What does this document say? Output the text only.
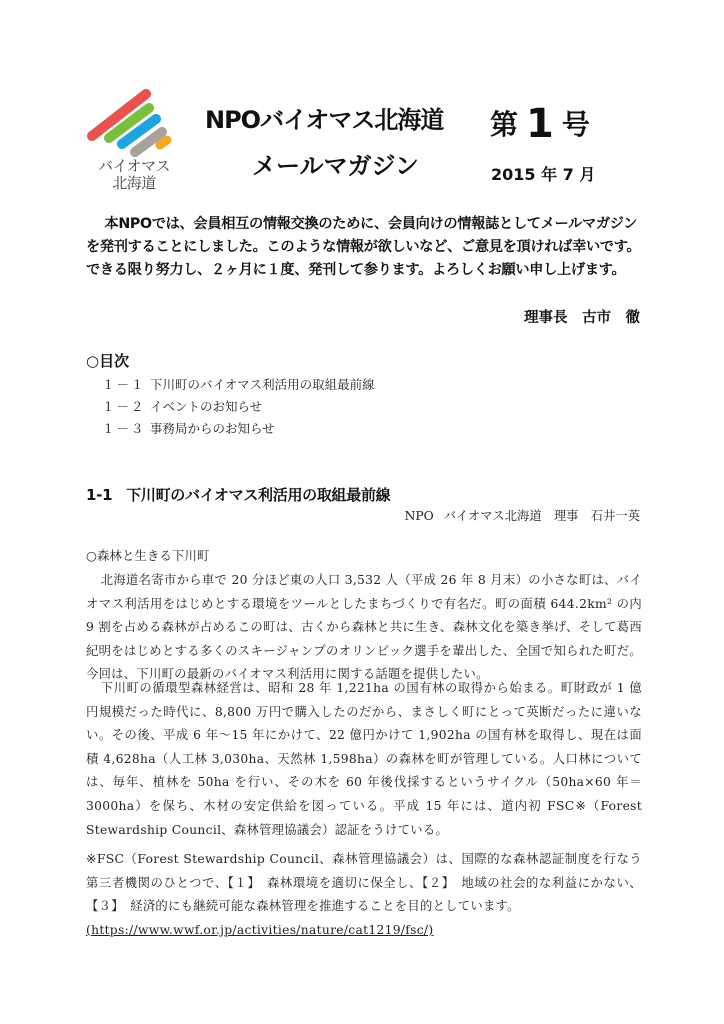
バイオマス
北海道
NPOバイオマス北海道
メールマガジン
第 1 号
2015 年 7 月
本NPOでは、会員相互の情報交換のために、会員向けの情報誌としてメールマガジンを発刊することにしました。このような情報が欲しいなど、ご意見を頂ければ幸いです。できる限り努力し、２ヶ月に１度、発刊して参ります。よろしくお願い申し上げます。
理事長　古市　徹
○目次
１－１ 下川町のバイオマス利活用の取組最前線
１－２ イベントのお知らせ
１－３ 事務局からのお知らせ
1-1 下川町のバイオマス利活用の取組最前線
NPO バイオマス北海道　理事　石井一英
○森林と生きる下川町
北海道名寄市から車で 20 分ほど東の人口 3,532 人（平成 26 年 8 月末）の小さな町は、バイオマス利活用をはじめとする環境をツールとしたまちづくりで有名だ。町の面積 644.2km² の内 9 割を占める森林が占めるこの町は、古くから森林と共に生き、森林文化を築き挙げ、そして葛西紀明をはじめとする多くのスキージャンプのオリンピック選手を輩出した、全国で知られた町だ。今回は、下川町の最新のバイオマス利活用に関する話題を提供したい。
下川町の循環型森林経営は、昭和 28 年 1,221ha の国有林の取得から始まる。町財政が 1 億円規模だった時代に、8,800 万円で購入したのだから、まさしく町にとって英断だったに違いない。その後、平成 6 年～15 年にかけて、22 億円かけて 1,902ha の国有林を取得し、現在は面積 4,628ha（人工林 3,030ha、天然林 1,598ha）の森林を町が管理している。人口林については、毎年、植林を 50ha を行い、その木を 60 年後伐採するというサイクル（50ha×60 年＝3000ha）を保ち、木材の安定供給を図っている。平成 15 年には、道内初 FSC※（Forest Stewardship Council、森林管理協議会）認証をうけている。
※FSC（Forest Stewardship Council、森林管理協議会）は、国際的な森林認証制度を行なう第三者機関のひとつで、【１】　森林環境を適切に保全し、【２】　地域の社会的な利益にかない、【３】　経済的にも継続可能な森林管理を推進することを目的としています。
(https://www.wwf.or.jp/activities/nature/cat1219/fsc/)
